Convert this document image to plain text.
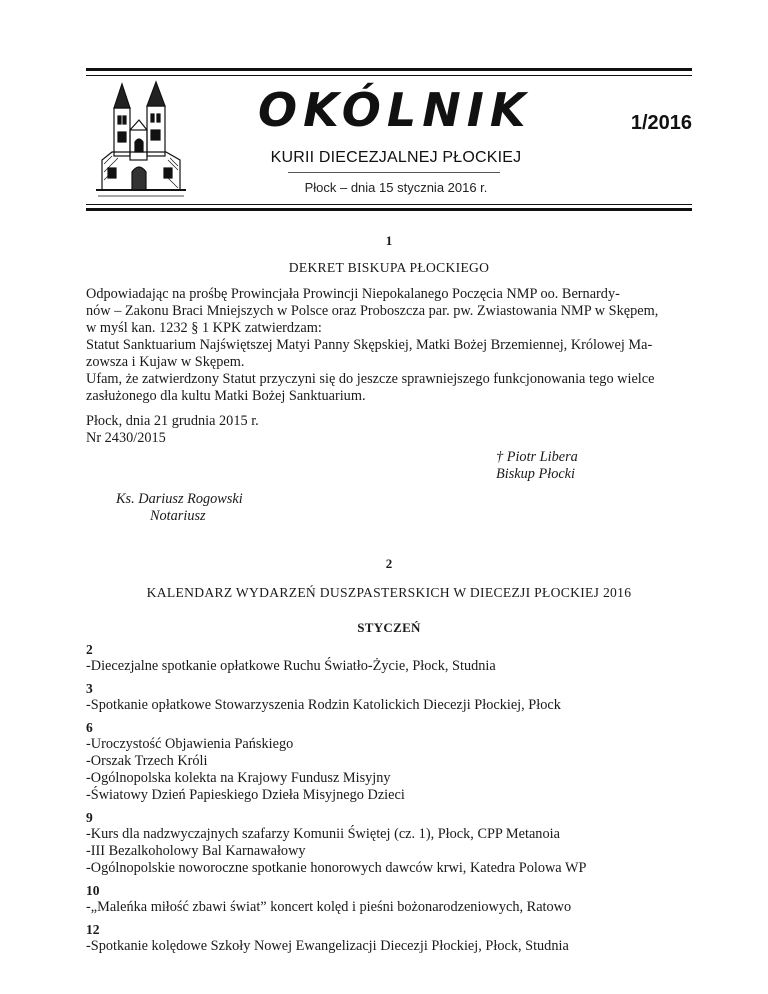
OKÓLNIK	1/2016
KURII DIECEZJALNEJ PŁOCKIEJ
Płock – dnia 15 stycznia 2016 r.

1

DEKRET BISKUPA PŁOCKIEGO

Odpowiadając na prośbę Prowincjała Prowincji Niepokalanego Poczęcia NMP oo. Bernardy-

nów – Zakonu Braci Mniejszych w Polsce oraz Proboszcza par. pw. Zwiastowania NMP w Skępem,

w myśl kan. 1232 § 1 KPK zatwierdzam:

Statut Sanktuarium Najświętszej Matyi Panny Skępskiej, Matki Bożej Brzemiennej, Królowej Ma-

zowsza i Kujaw w Skępem.

Ufam, że zatwierdzony Statut przyczyni się do jeszcze sprawniejszego funkcjonowania tego wielce

zasłużonego dla kultu Matki Bożej Sanktuarium.

Płock, dnia 21 grudnia 2015 r.

Nr 2430/2015

† Piotr Libera

Biskup Płocki

Ks. Dariusz Rogowski

Notariusz

2

KALENDARZ WYDARZEŃ DUSZPASTERSKICH W DIECEZJI PŁOCKIEJ 2016

STYCZEŃ

2

-Diecezjalne spotkanie opłatkowe Ruchu Światło-Życie, Płock, Studnia

3

-Spotkanie opłatkowe Stowarzyszenia Rodzin Katolickich Diecezji Płockiej, Płock

6

-Uroczystość Objawienia Pańskiego

-Orszak Trzech Króli

-Ogólnopolska kolekta na Krajowy Fundusz Misyjny

-Światowy Dzień Papieskiego Dzieła Misyjnego Dzieci

9

-Kurs dla nadzwyczajnych szafarzy Komunii Świętej (cz. 1), Płock, CPP Metanoia

-III Bezalkoholowy Bal Karnawałowy

-Ogólnopolskie noworoczne spotkanie honorowych dawców krwi, Katedra Polowa WP

10

-„Maleńka miłość zbawi świat” koncert kolęd i pieśni bożonarodzeniowych, Ratowo

12

-Spotkanie kolędowe Szkoły Nowej Ewangelizacji Diecezji Płockiej, Płock, Studnia
